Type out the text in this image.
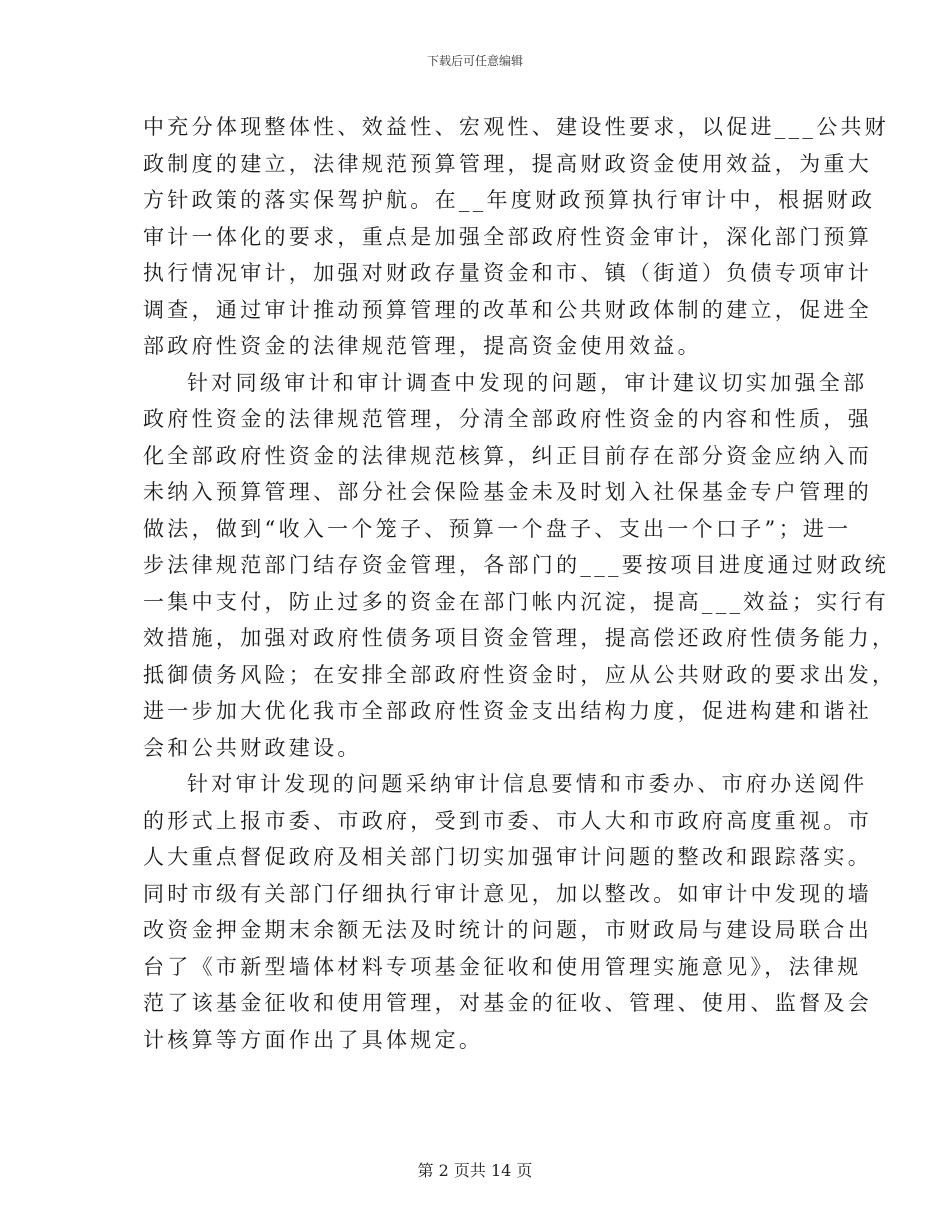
下载后可任意编辑
中充分体现整体性、效益性、宏观性、建设性要求，以促进___公共财
政制度的建立，法律规范预算管理，提高财政资金使用效益，为重大
方针政策的落实保驾护航。在__年度财政预算执行审计中，根据财政
审计一体化的要求，重点是加强全部政府性资金审计，深化部门预算
执行情况审计，加强对财政存量资金和市、镇（街道）负债专项审计
调查，通过审计推动预算管理的改革和公共财政体制的建立，促进全
部政府性资金的法律规范管理，提高资金使用效益。
针对同级审计和审计调查中发现的问题，审计建议切实加强全部
政府性资金的法律规范管理，分清全部政府性资金的内容和性质，强
化全部政府性资金的法律规范核算，纠正目前存在部分资金应纳入而
未纳入预算管理、部分社会保险基金未及时划入社保基金专户管理的
做法，做到“收入一个笼子、预算一个盘子、支出一个口子”；进一
步法律规范部门结存资金管理，各部门的___要按项目进度通过财政统
一集中支付，防止过多的资金在部门帐内沉淀，提高___效益；实行有
效措施，加强对政府性债务项目资金管理，提高偿还政府性债务能力，
抵御债务风险；在安排全部政府性资金时，应从公共财政的要求出发，
进一步加大优化我市全部政府性资金支出结构力度，促进构建和谐社
会和公共财政建设。
针对审计发现的问题采纳审计信息要情和市委办、市府办送阅件
的形式上报市委、市政府，受到市委、市人大和市政府高度重视。市
人大重点督促政府及相关部门切实加强审计问题的整改和跟踪落实。
同时市级有关部门仔细执行审计意见，加以整改。如审计中发现的墙
改资金押金期末余额无法及时统计的问题，市财政局与建设局联合出
台了《市新型墙体材料专项基金征收和使用管理实施意见》，法律规
范了该基金征收和使用管理，对基金的征收、管理、使用、监督及会
计核算等方面作出了具体规定。
第 2 页共 14 页
